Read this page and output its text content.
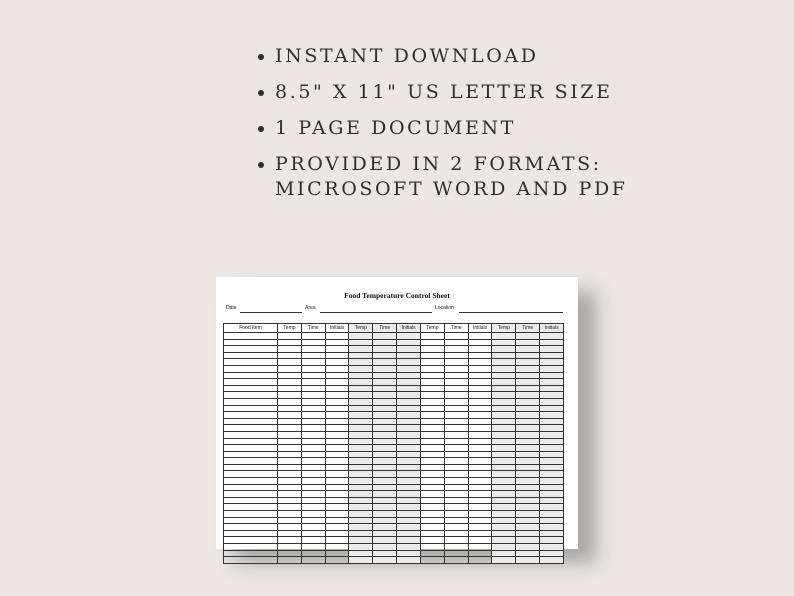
INSTANT DOWNLOAD
8.5" X 11" US LETTER SIZE
1 PAGE DOCUMENT
PROVIDED IN 2 FORMATS:
MICROSOFT WORD AND PDF
Food Temperature Control Sheet
Date	Area	Location
Food Item	Temp	Time	Initials	Temp	Time	Initials	Temp	Time	Initials	Temp	Time	Initials
